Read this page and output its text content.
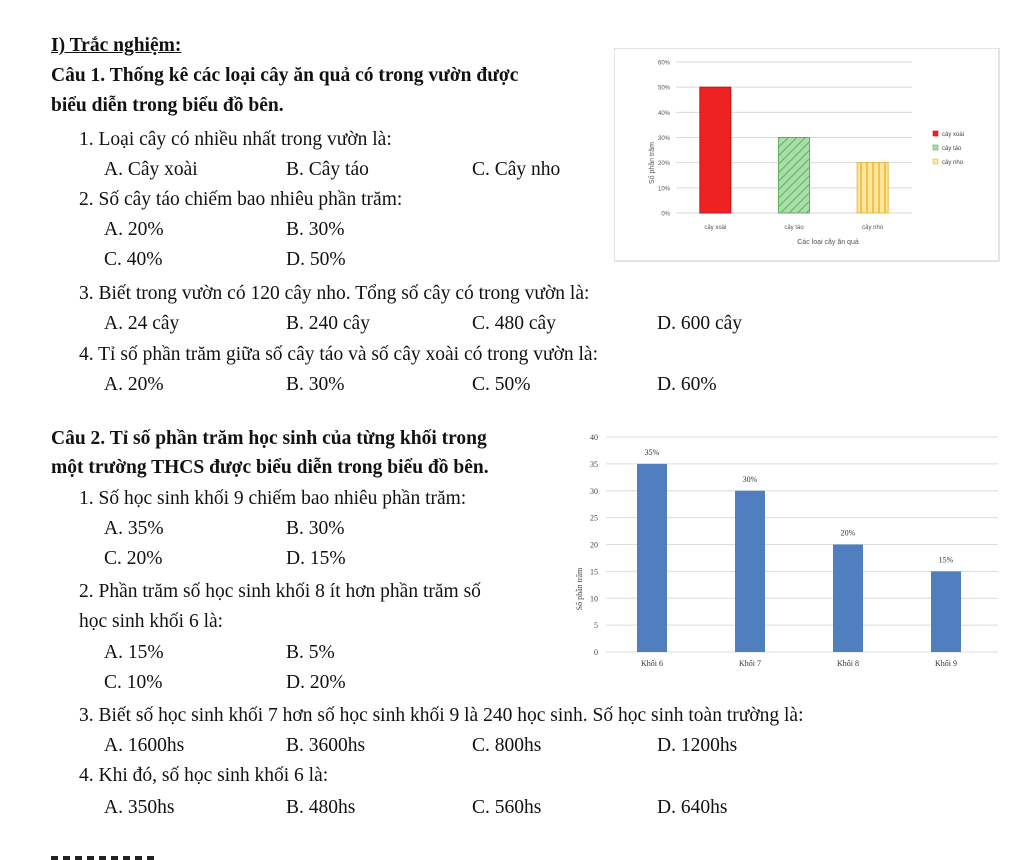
I) Trắc nghiệm:
Câu 1. Thống kê các loại cây ăn quả có trong vườn được
biểu diễn trong biểu đồ bên.
1. Loại cây có nhiều nhất trong vườn là:
A. Cây xoài	B. Cây táo	C. Cây nho
2. Số cây táo chiếm bao nhiêu phần trăm:
A. 20%	B. 30%
C. 40%	D. 50%
3. Biết trong vườn có 120 cây nho. Tổng số cây có trong vườn là:
A. 24 cây	B. 240 cây	C. 480 cây	D. 600 cây
4. Tỉ số phần trăm giữa số cây táo và số cây xoài có trong vườn là:
A. 20%	B. 30%	C. 50%	D. 60%
Câu 2. Tỉ số phần trăm học sinh của từng khối trong
một trường THCS được biểu diễn trong biểu đồ bên.
1. Số học sinh khối 9 chiếm bao nhiêu phần trăm:
A. 35%	B. 30%
C. 20%	D. 15%
2. Phần trăm số học sinh khối 8 ít hơn phần trăm số
học sinh khối 6 là:
A. 15%	B. 5%
C. 10%	D. 20%
3. Biết số học sinh khối 7 hơn số học sinh khối 9 là 240 học sinh. Số học sinh toàn trường là:
A. 1600hs	B. 3600hs	C. 800hs	D. 1200hs
4. Khi đó, số học sinh khối 6 là:
A. 350hs	B. 480hs	C. 560hs	D. 640hs
0%
10%
20%
30%
40%
50%
60%
cây xoài	cây táo	cây nho
Các loại cây ăn quả
Số phần trăm
cây xoài
cây táo
cây nho
0
5
10
15
20
25
30
35
40
35%
Khối 6
30%
Khối 7
20%
Khối 8
15%
Khối 9
Số phần trăm
